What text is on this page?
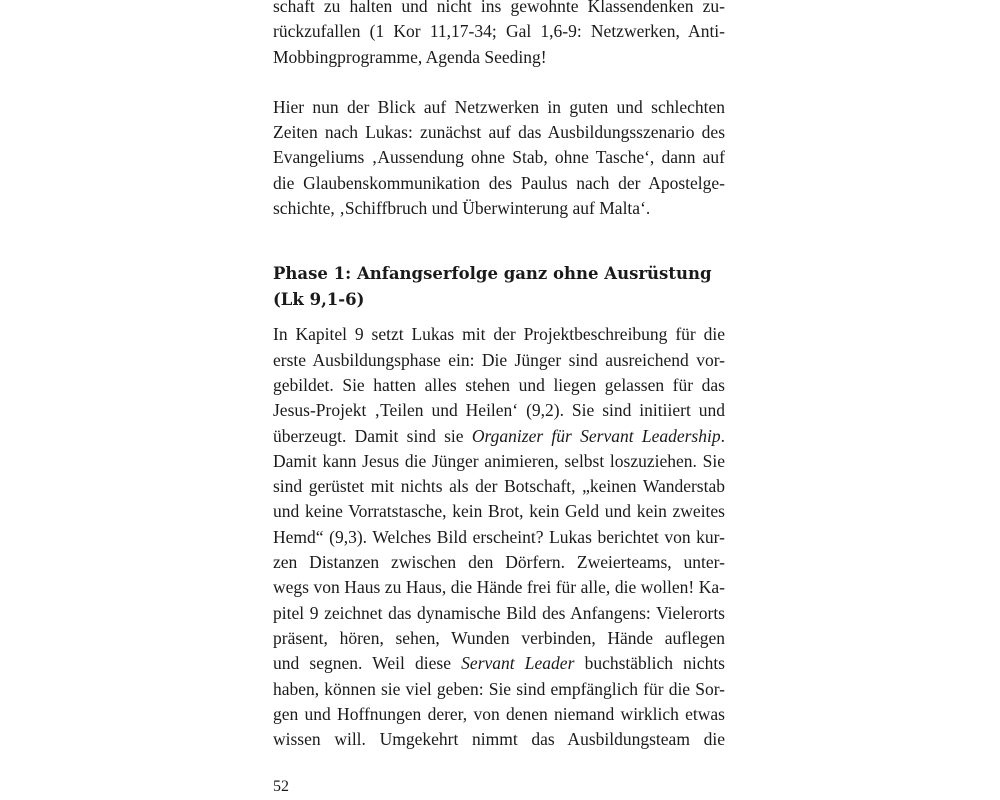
schaft zu halten und nicht ins gewohnte Klassendenken zu-
rückzufallen (1 Kor 11,17-34; Gal 1,6-9: Netzwerken, Anti-
Mobbingprogramme, Agenda Seeding!
Hier nun der Blick auf Netzwerken in guten und schlechten
Zeiten nach Lukas: zunächst auf das Ausbildungsszenario des
Evangeliums ‚Aussendung ohne Stab, ohne Tasche‘, dann auf
die Glaubenskommunikation des Paulus nach der Apostelge-
schichte, ‚Schiffbruch und Überwinterung auf Malta‘.
Phase 1: Anfangserfolge ganz ohne Ausrüstung
(Lk 9,1-6)
In Kapitel 9 setzt Lukas mit der Projektbeschreibung für die
erste Ausbildungsphase ein: Die Jünger sind ausreichend vor-
gebildet. Sie hatten alles stehen und liegen gelassen für das
Jesus-Projekt ‚Teilen und Heilen‘ (9,2). Sie sind initiiert und
überzeugt. Damit sind sie Organizer für Servant Leadership.
Damit kann Jesus die Jünger animieren, selbst loszuziehen. Sie
sind gerüstet mit nichts als der Botschaft, „keinen Wanderstab
und keine Vorratstasche, kein Brot, kein Geld und kein zweites
Hemd“ (9,3). Welches Bild erscheint? Lukas berichtet von kur-
zen Distanzen zwischen den Dörfern. Zweierteams, unter-
wegs von Haus zu Haus, die Hände frei für alle, die wollen! Ka-
pitel 9 zeichnet das dynamische Bild des Anfangens: Vielerorts
präsent, hören, sehen, Wunden verbinden, Hände auflegen
und segnen. Weil diese Servant Leader buchstäblich nichts
haben, können sie viel geben: Sie sind empfänglich für die Sor-
gen und Hoffnungen derer, von denen niemand wirklich etwas
wissen will. Umgekehrt nimmt das Ausbildungsteam die
52
